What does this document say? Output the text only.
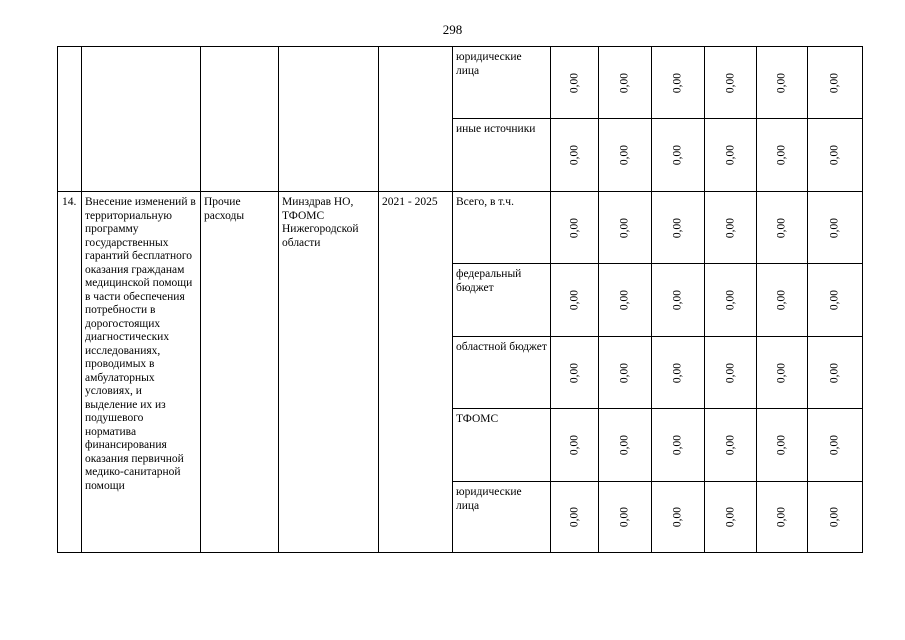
298

					юридические лица	0,00	0,00	0,00	0,00	0,00	0,00

					иные источники	0,00	0,00	0,00	0,00	0,00	0,00

14.	Внесение изменений в территориальную программу государственных гарантий бесплатного оказания гражданам медицинской помощи в части обеспечения потребности в дорогостоящих диагностических исследованиях, проводимых в амбулаторных условиях, и выделение их из подушевого норматива финансирования оказания первичной медико-санитарной помощи	Прочие расходы	Минздрав НО, ТФОМС Нижегородской области	2021 - 2025	Всего, в т.ч.	0,00	0,00	0,00	0,00	0,00	0,00

					федеральный бюджет	0,00	0,00	0,00	0,00	0,00	0,00

					областной бюджет	0,00	0,00	0,00	0,00	0,00	0,00

					ТФОМС	0,00	0,00	0,00	0,00	0,00	0,00

					юридические лица	0,00	0,00	0,00	0,00	0,00	0,00
